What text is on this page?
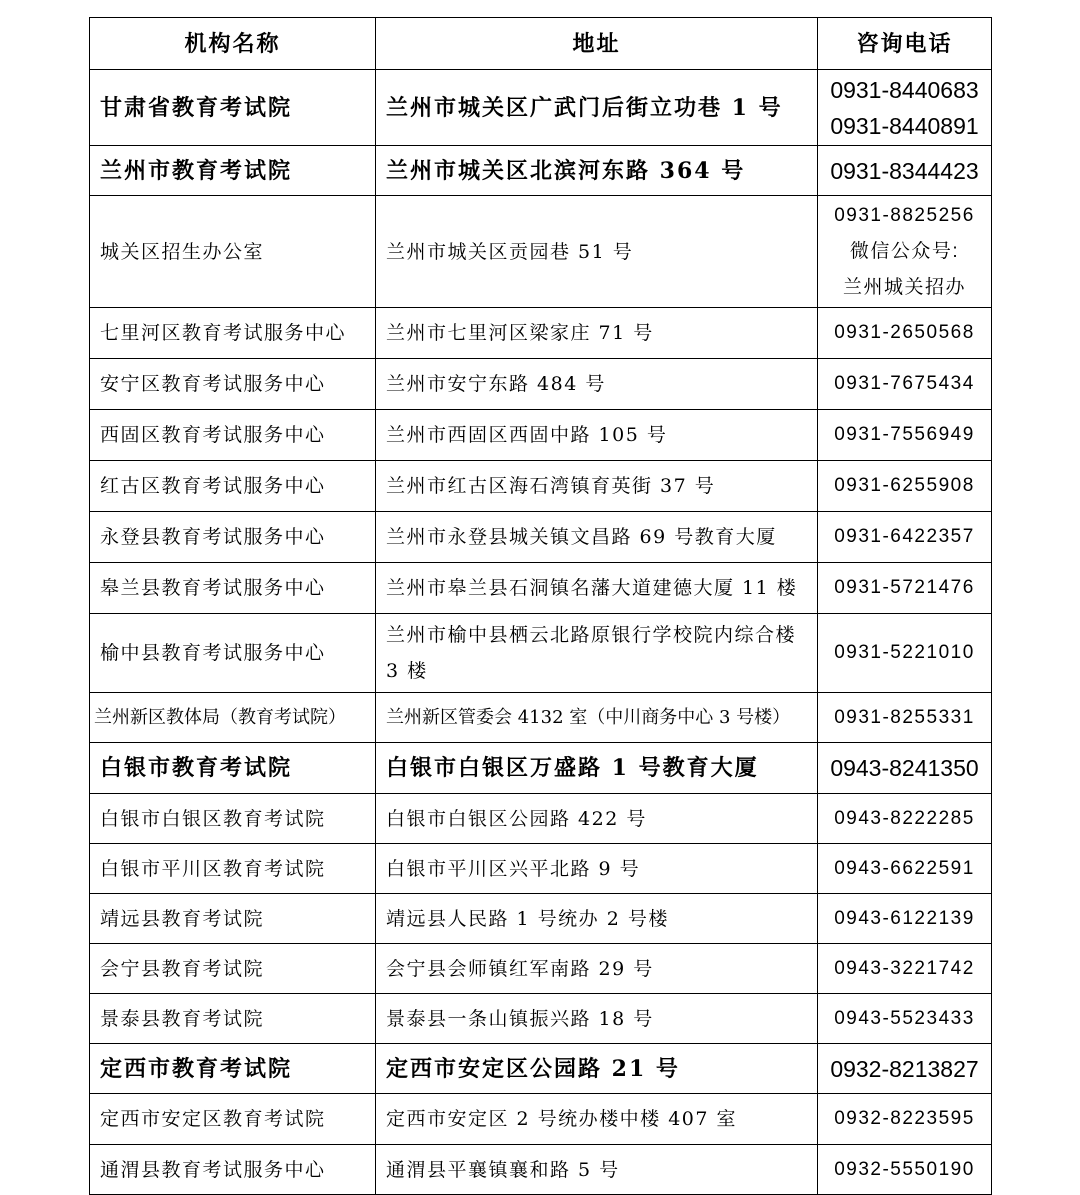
机构名称	地址	咨询电话
甘肃省教育考试院	兰州市城关区广武门后街立功巷 1 号	0931-8440683
0931-8440891

兰州市教育考试院	兰州市城关区北滨河东路 364 号	0931-8344423

城关区招生办公室	兰州市城关区贡园巷 51 号	0931-8825256
微信公众号:
兰州城关招办

七里河区教育考试服务中心	兰州市七里河区梁家庄 71 号	0931-2650568
安宁区教育考试服务中心	兰州市安宁东路 484 号	0931-7675434
西固区教育考试服务中心	兰州市西固区西固中路 105 号	0931-7556949
红古区教育考试服务中心	兰州市红古区海石湾镇育英街 37 号	0931-6255908
永登县教育考试服务中心	兰州市永登县城关镇文昌路 69 号教育大厦	0931-6422357
皋兰县教育考试服务中心	兰州市皋兰县石洞镇名藩大道建德大厦 11 楼	0931-5721476
榆中县教育考试服务中心	兰州市榆中县栖云北路原银行学校院内综合楼 3 楼	0931-5221010
兰州新区教体局（教育考试院）	兰州新区管委会 4132 室（中川商务中心 3 号楼）	0931-8255331
白银市教育考试院	白银市白银区万盛路 1 号教育大厦	0943-8241350
白银市白银区教育考试院	白银市白银区公园路 422 号	0943-8222285
白银市平川区教育考试院	白银市平川区兴平北路 9 号	0943-6622591
靖远县教育考试院	靖远县人民路 1 号统办 2 号楼	0943-6122139
会宁县教育考试院	会宁县会师镇红军南路 29 号	0943-3221742
景泰县教育考试院	景泰县一条山镇振兴路 18 号	0943-5523433
定西市教育考试院	定西市安定区公园路 21 号	0932-8213827
定西市安定区教育考试院	定西市安定区 2 号统办楼中楼 407 室	0932-8223595
通渭县教育考试服务中心	通渭县平襄镇襄和路 5 号	0932-5550190
